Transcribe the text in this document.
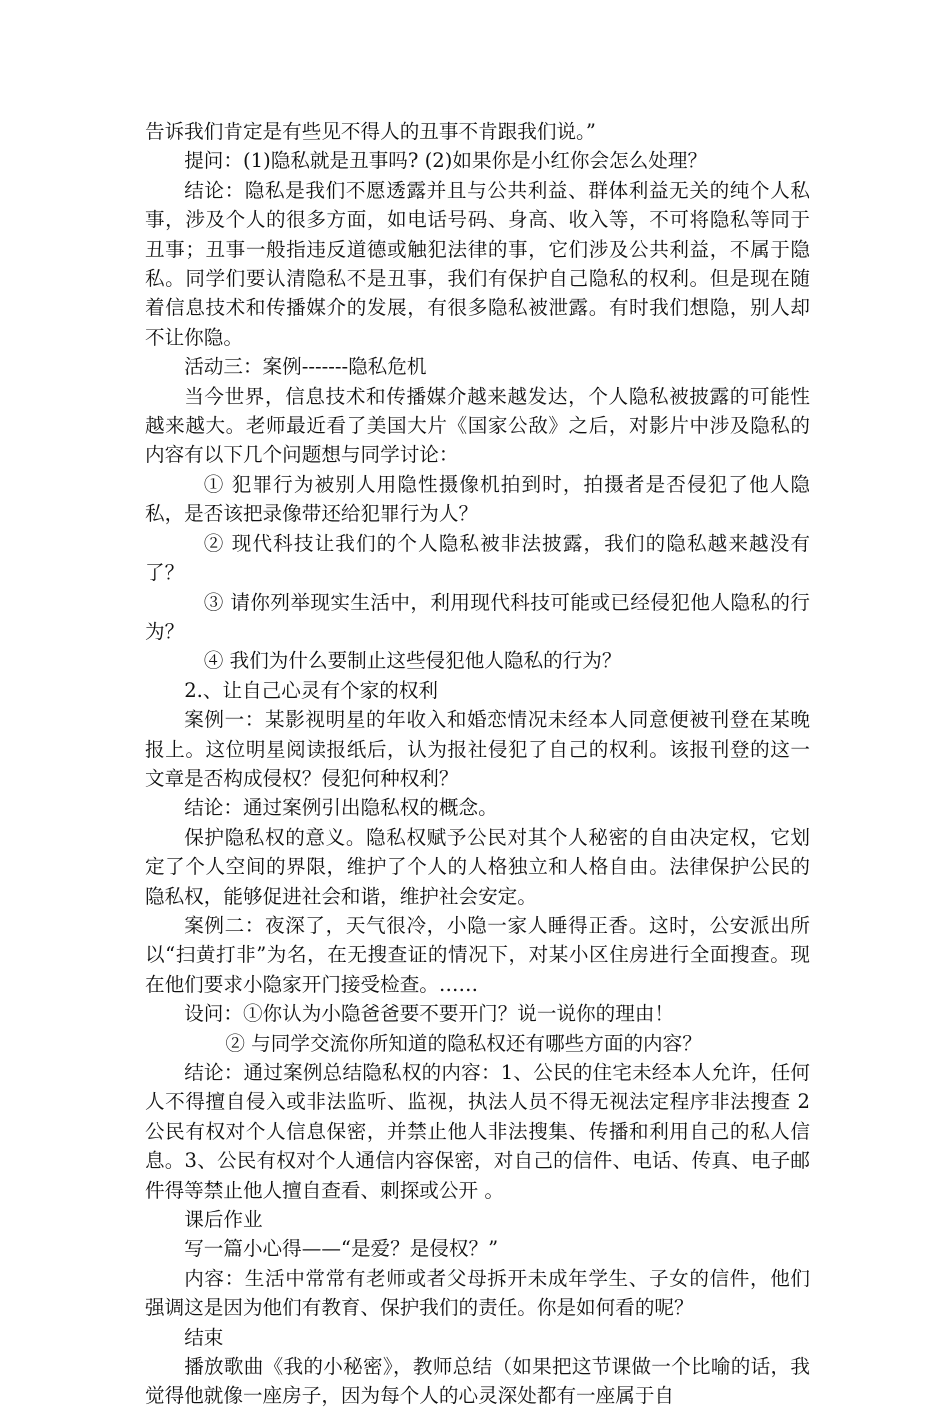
告诉我们肯定是有些见不得人的丑事不肯跟我们说。”

提问：(1)隐私就是丑事吗? (2)如果你是小红你会怎么处理？

结论：隐私是我们不愿透露并且与公共利益、群体利益无关的纯个人私事，涉及个人的很多方面，如电话号码、身高、收入等，不可将隐私等同于丑事；丑事一般指违反道德或触犯法律的事，它们涉及公共利益，不属于隐私。同学们要认清隐私不是丑事，我们有保护自己隐私的权利。但是现在随着信息技术和传播媒介的发展，有很多隐私被泄露。有时我们想隐，别人却不让你隐。

活动三：案例-------隐私危机

当今世界，信息技术和传播媒介越来越发达，个人隐私被披露的可能性越来越大。老师最近看了美国大片《国家公敌》之后，对影片中涉及隐私的内容有以下几个问题想与同学讨论：

① 犯罪行为被别人用隐性摄像机拍到时，拍摄者是否侵犯了他人隐私，是否该把录像带还给犯罪行为人？

② 现代科技让我们的个人隐私被非法披露，我们的隐私越来越没有了？

③ 请你列举现实生活中，利用现代科技可能或已经侵犯他人隐私的行为？

④ 我们为什么要制止这些侵犯他人隐私的行为？

2.、让自己心灵有个家的权利

案例一：某影视明星的年收入和婚恋情况未经本人同意便被刊登在某晚报上。这位明星阅读报纸后，认为报社侵犯了自己的权利。该报刊登的这一文章是否构成侵权？侵犯何种权利？

结论：通过案例引出隐私权的概念。

保护隐私权的意义。隐私权赋予公民对其个人秘密的自由决定权，它划定了个人空间的界限，维护了个人的人格独立和人格自由。法律保护公民的隐私权，能够促进社会和谐，维护社会安定。

案例二：夜深了，天气很冷，小隐一家人睡得正香。这时，公安派出所以“扫黄打非”为名，在无搜查证的情况下，对某小区住房进行全面搜查。现在他们要求小隐家开门接受检查。……

设问：①你认为小隐爸爸要不要开门？说一说你的理由！

② 与同学交流你所知道的隐私权还有哪些方面的内容？

结论：通过案例总结隐私权的内容：1、公民的住宅未经本人允许，任何人不得擅自侵入或非法监听、监视，执法人员不得无视法定程序非法搜查 2 公民有权对个人信息保密，并禁止他人非法搜集、传播和利用自己的私人信息。3、公民有权对个人通信内容保密，对自己的信件、电话、传真、电子邮件得等禁止他人擅自查看、刺探或公开 。

课后作业

写一篇小心得——“是爱？是侵权？”

内容：生活中常常有老师或者父母拆开未成年学生、子女的信件，他们强调这是因为他们有教育、保护我们的责任。你是如何看的呢？

结束

播放歌曲《我的小秘密》，教师总结（如果把这节课做一个比喻的话，我觉得他就像一座房子，因为每个人的心灵深处都有一座属于自
